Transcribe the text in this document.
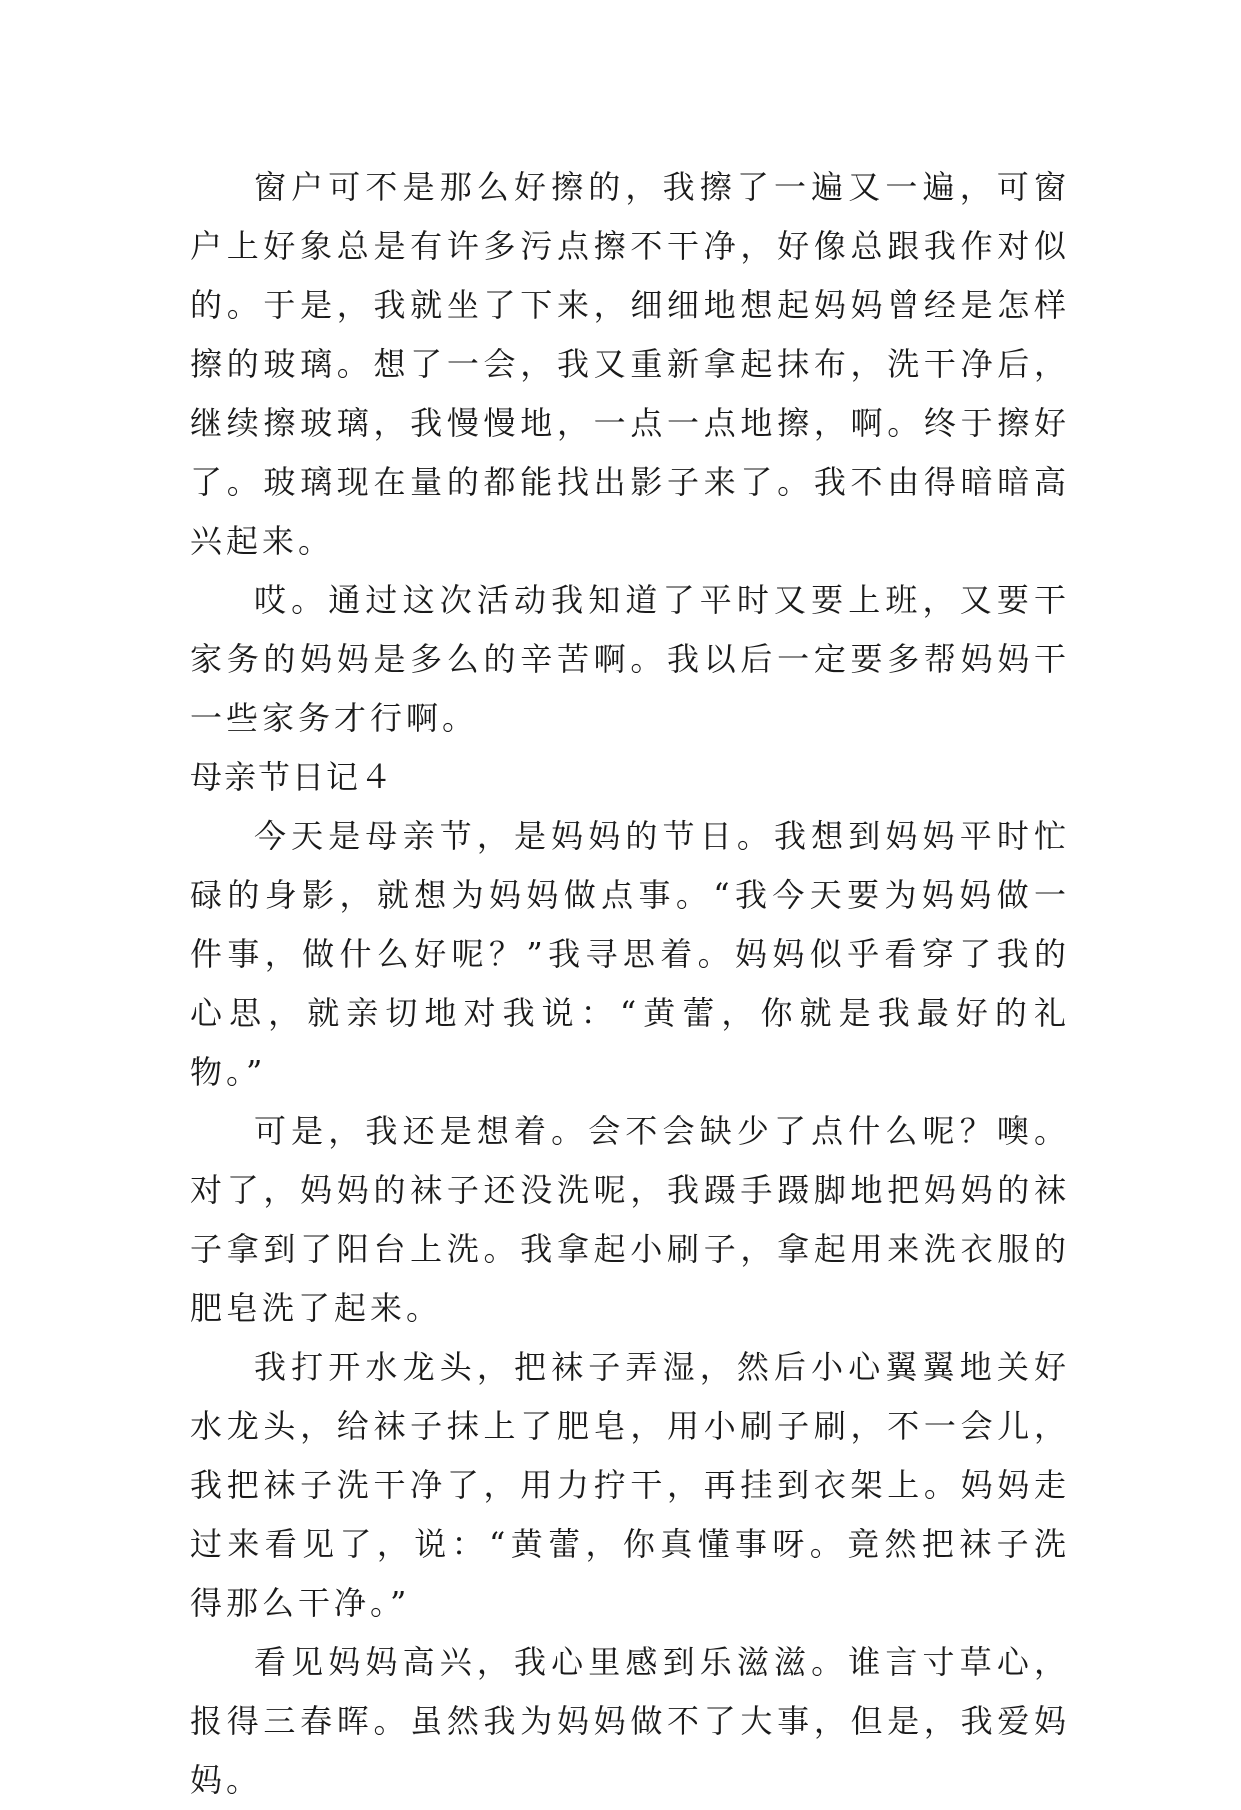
窗户可不是那么好擦的，我擦了一遍又一遍，可窗户上好象总是有许多污点擦不干净，好像总跟我作对似的。于是，我就坐了下来，细细地想起妈妈曾经是怎样擦的玻璃。想了一会，我又重新拿起抹布，洗干净后，继续擦玻璃，我慢慢地，一点一点地擦，啊。终于擦好了。玻璃现在量的都能找出影子来了。我不由得暗暗高兴起来。

哎。通过这次活动我知道了平时又要上班，又要干家务的妈妈是多么的辛苦啊。我以后一定要多帮妈妈干一些家务才行啊。

母亲节日记４

今天是母亲节，是妈妈的节日。我想到妈妈平时忙碌的身影，就想为妈妈做点事。“我今天要为妈妈做一件事，做什么好呢？”我寻思着。妈妈似乎看穿了我的心思，就亲切地对我说：“黄蕾，你就是我最好的礼物。”

可是，我还是想着。会不会缺少了点什么呢？噢。对了，妈妈的袜子还没洗呢，我蹑手蹑脚地把妈妈的袜子拿到了阳台上洗。我拿起小刷子，拿起用来洗衣服的肥皂洗了起来。

我打开水龙头，把袜子弄湿，然后小心翼翼地关好水龙头，给袜子抹上了肥皂，用小刷子刷，不一会儿，我把袜子洗干净了，用力拧干，再挂到衣架上。妈妈走过来看见了，说：“黄蕾，你真懂事呀。竟然把袜子洗得那么干净。”

看见妈妈高兴，我心里感到乐滋滋。谁言寸草心，报得三春晖。虽然我为妈妈做不了大事，但是，我爱妈妈。
